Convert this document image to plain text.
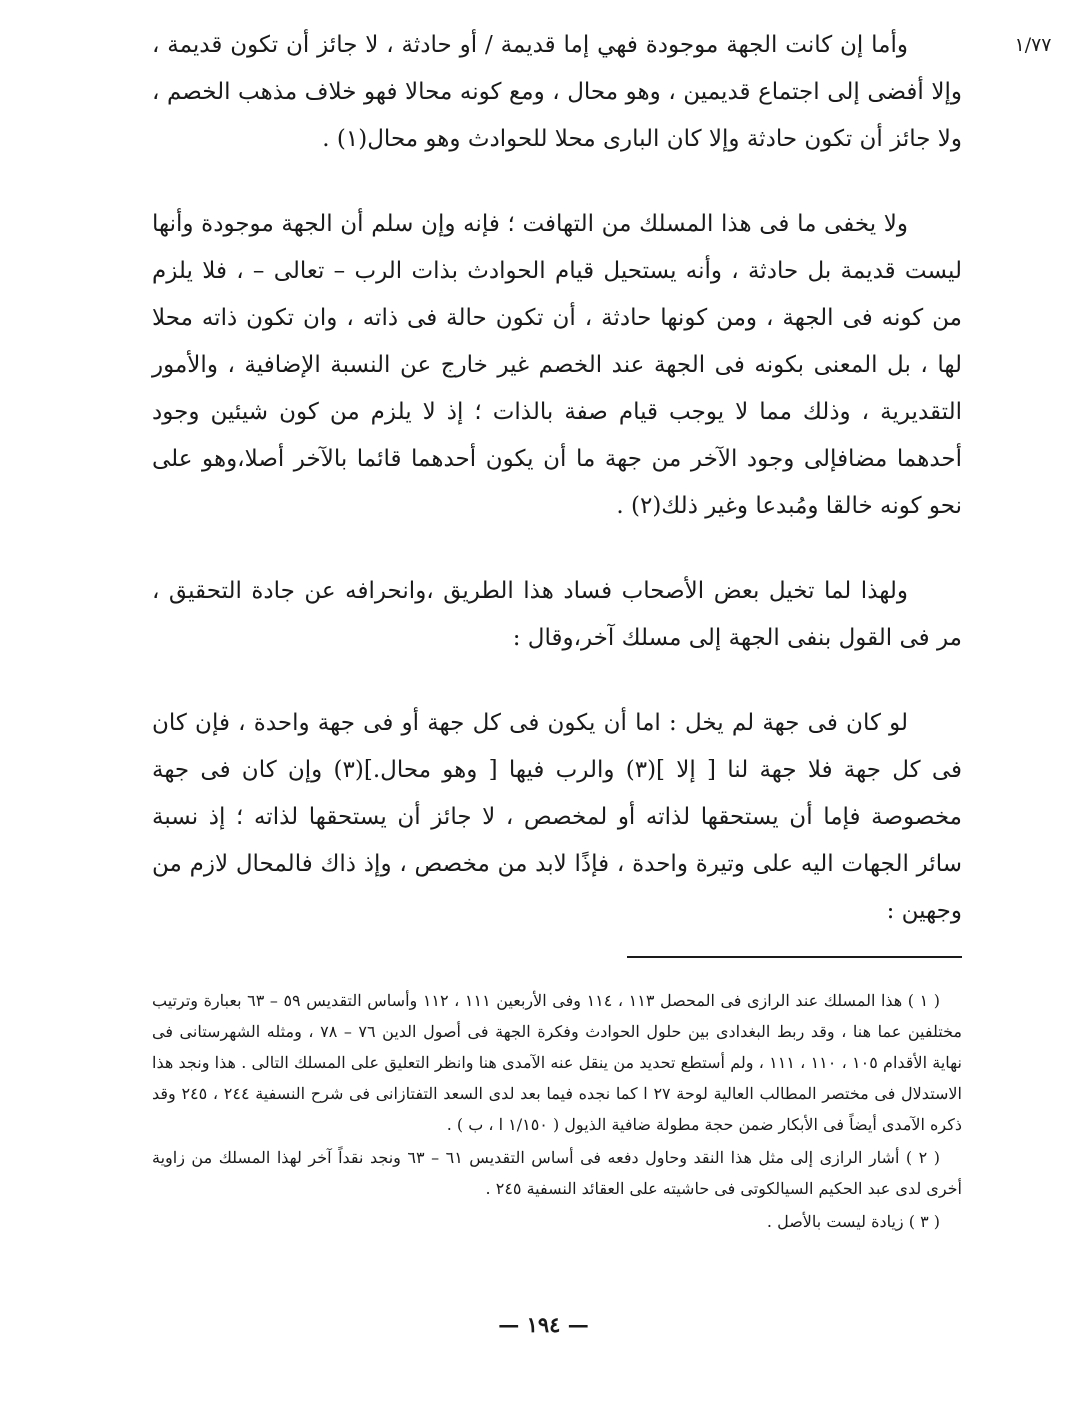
١/٧٧

وأما إن كانت الجهة موجودة فهي إما قديمة / أو حادثة ، لا جائز أن تكون قديمة ، وإلا أفضى إلى اجتماع قديمين ، وهو محال ، ومع كونه محالا فهو خلاف مذهب الخصم ، ولا جائز أن تكون حادثة وإلا كان البارى محلا للحوادث وهو محال(١) .

ولا يخفى ما فى هذا المسلك من التهافت ؛ فإنه وإن سلم أن الجهة موجودة وأنها ليست قديمة بل حادثة ، وأنه يستحيل قيام الحوادث بذات الرب – تعالى – ، فلا يلزم من كونه فى الجهة ، ومن كونها حادثة ، أن تكون حالة فى ذاته ، وان تكون ذاته محلا لها ، بل المعنى بكونه فى الجهة عند الخصم غير خارج عن النسبة الإضافية ، والأمور التقديرية ، وذلك مما لا يوجب قيام صفة بالذات ؛ إذ لا يلزم من كون شيئين وجود أحدهما مضافإلى وجود الآخر من جهة ما أن يكون أحدهما قائما بالآخر أصلا،وهو على نحو كونه خالقا ومُبدعا وغير ذلك(٢) .

ولهذا لما تخيل بعض الأصحاب فساد هذا الطريق ،وانحرافه عن جادة التحقيق ، مر فى القول بنفى الجهة إلى مسلك آخر،وقال :

لو كان فى جهة لم يخل : اما أن يكون فى كل جهة أو فى جهة واحدة ، فإن كان فى كل جهة فلا جهة لنا [ إلا ](٣) والرب فيها [ وهو محال.](٣) وإن كان فى جهة مخصوصة فإما أن يستحقها لذاته أو لمخصص ، لا جائز أن يستحقها لذاته ؛ إذ نسبة سائر الجهات اليه على وتيرة واحدة ، فإذًا لابد من مخصص ، وإذ ذاك فالمحال لازم من وجهين :

( ١ ) هذا المسلك عند الرازى فى المحصل ١١٣ ، ١١٤ وفى الأربعين ١١١ ، ١١٢ وأساس التقديس ٥٩ – ٦٣ بعبارة وترتيب مختلفين عما هنا ، وقد ربط البغدادى بين حلول الحوادث وفكرة الجهة فى أصول الدين ٧٦ – ٧٨ ، ومثله الشهرستانى فى نهاية الأقدام ١٠٥ ، ١١٠ ، ١١١ ، ولم أستطع تحديد من ينقل عنه الآمدى هنا وانظر التعليق على المسلك التالى . هذا ونجد هذا الاستدلال فى مختصر المطالب العالية لوحة ٢٧ ا كما نجده فيما بعد لدى السعد التفتازانى فى شرح النسفية ٢٤٤ ، ٢٤٥ وقد ذكره الآمدى أيضاً فى الأبكار ضمن حجة مطولة ضافية الذيول ( ١/١٥٠ ا ، ب ) .

( ٢ ) أشار الرازى إلى مثل هذا النقد وحاول دفعه فى أساس التقديس ٦١ – ٦٣ ونجد نقداً آخر لهذا المسلك من زاوية أخرى لدى عبد الحكيم السيالكوتى فى حاشيته على العقائد النسفية ٢٤٥ .

( ٣ ) زيادة ليست بالأصل .

— ١٩٤ —
